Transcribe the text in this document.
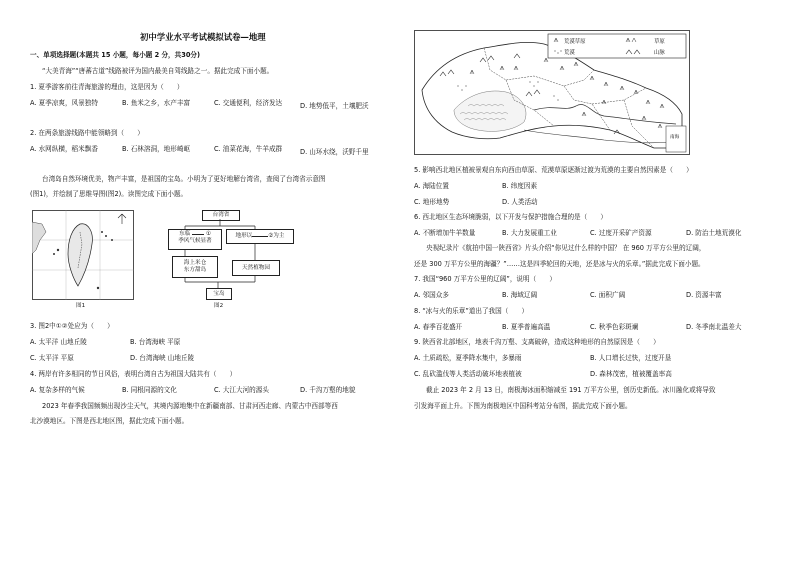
初中学业水平考试模拟试卷—地理
一、单项选择题(本题共 15 小题，每小题 2 分，共30分)
“大美青海”“唐蕃古道”线路被评为国内最美自驾线路之一。据此完成下面小题。
1. 夏季游客前往青海旅游的理由，这是因为（　　）
A. 夏季凉爽，风景独特	B. 鱼米之乡，水产丰富	C. 交通便利，经济发达	D. 地势低平，土壤肥沃
2. 在两条旅游线路中能领略到（　　）
A. 水网纵横，稻米飘香	B. 石林溶洞，地形崎岖	C. 油菜花海，牛羊成群	D. 山环水绕，沃野千里
台湾岛自然环境优美，物产丰富，是祖国的宝岛。小明为了更好地解台湾省，查阅了台湾省示意图
(图1)，并绘制了思维导图(图2)。读图完成下面小题。
图1
台湾省
东临	①
季风气候显著
地形以	② 为主
海上米仓
东方甜岛	天然植物园
宝岛
图2
3. 图2中①②处应为（　　）
A. 太平洋 山地丘陵	B. 台湾海峡 平原
C. 太平洋 平原	D. 台湾海峡 山地丘陵
4. 两岸有许多相同的节日风俗，表明台湾自古为祖国大陆共有（　　）
A. 复杂多样的气候	B. 同根同源的文化	C. 大江大河的源头	D. 千沟万壑的地貌
2023 年春季我国频频出现沙尘天气，其境内源地集中在新疆南部、甘肃河西走廊、内蒙古中西部等西
北沙漠地区。下图是西北地区图，据此完成下面小题。
荒漠草原	草原
荒漠	山脉
南海
5. 影响西北地区植被景观自东向西由草原、荒漠草原逐渐过渡为荒漠的主要自然因素是（　　）
A. 海陆位置	B. 纬度因素
C. 地形地势	D. 人类活动
6. 西北地区生态环境脆弱，以下开发与保护措施合理的是（　　）
A. 不断增加牛羊数量	B. 大力发展重工业	C. 过度开采矿产资源	D. 防治土地荒漠化
央视纪录片《航拍中国一陕西省》片头介绍“你见过什么样的中国？ 在 960 万平方公里的辽阔，
还是 300 万平方公里的海疆？”……这是四季轮回的天地，还是冰与火的乐章。”据此完成下面小题。
7. 我国“960 万平方公里的辽阔”，说明（　　）
A. 邻国众多	B. 海域辽阔	C. 面积广阔	D. 资源丰富
8. “冰与火的乐章”道出了我国（　　）
A. 春季百花盛开	B. 夏季普遍高温	C. 秋季色彩斑斓	D. 冬季南北温差大
9. 陕西省北部地区，地表千沟万壑、支离破碎，造成这种地形的自然原因是（　　）
A. 土质疏松，夏季降水集中，多暴雨	B. 人口增长过快，过度开垦
C. 乱砍滥伐等人类活动破坏地表植被	D. 森林茂密，植被覆盖率高
截止 2023 年 2 月 13 日，南极海冰面积缩减至 191 万平方公里，创历史新低。冰川融化或将导致
引发海平面上升。下图为南极地区中国科考站分布图，据此完成下面小题。
